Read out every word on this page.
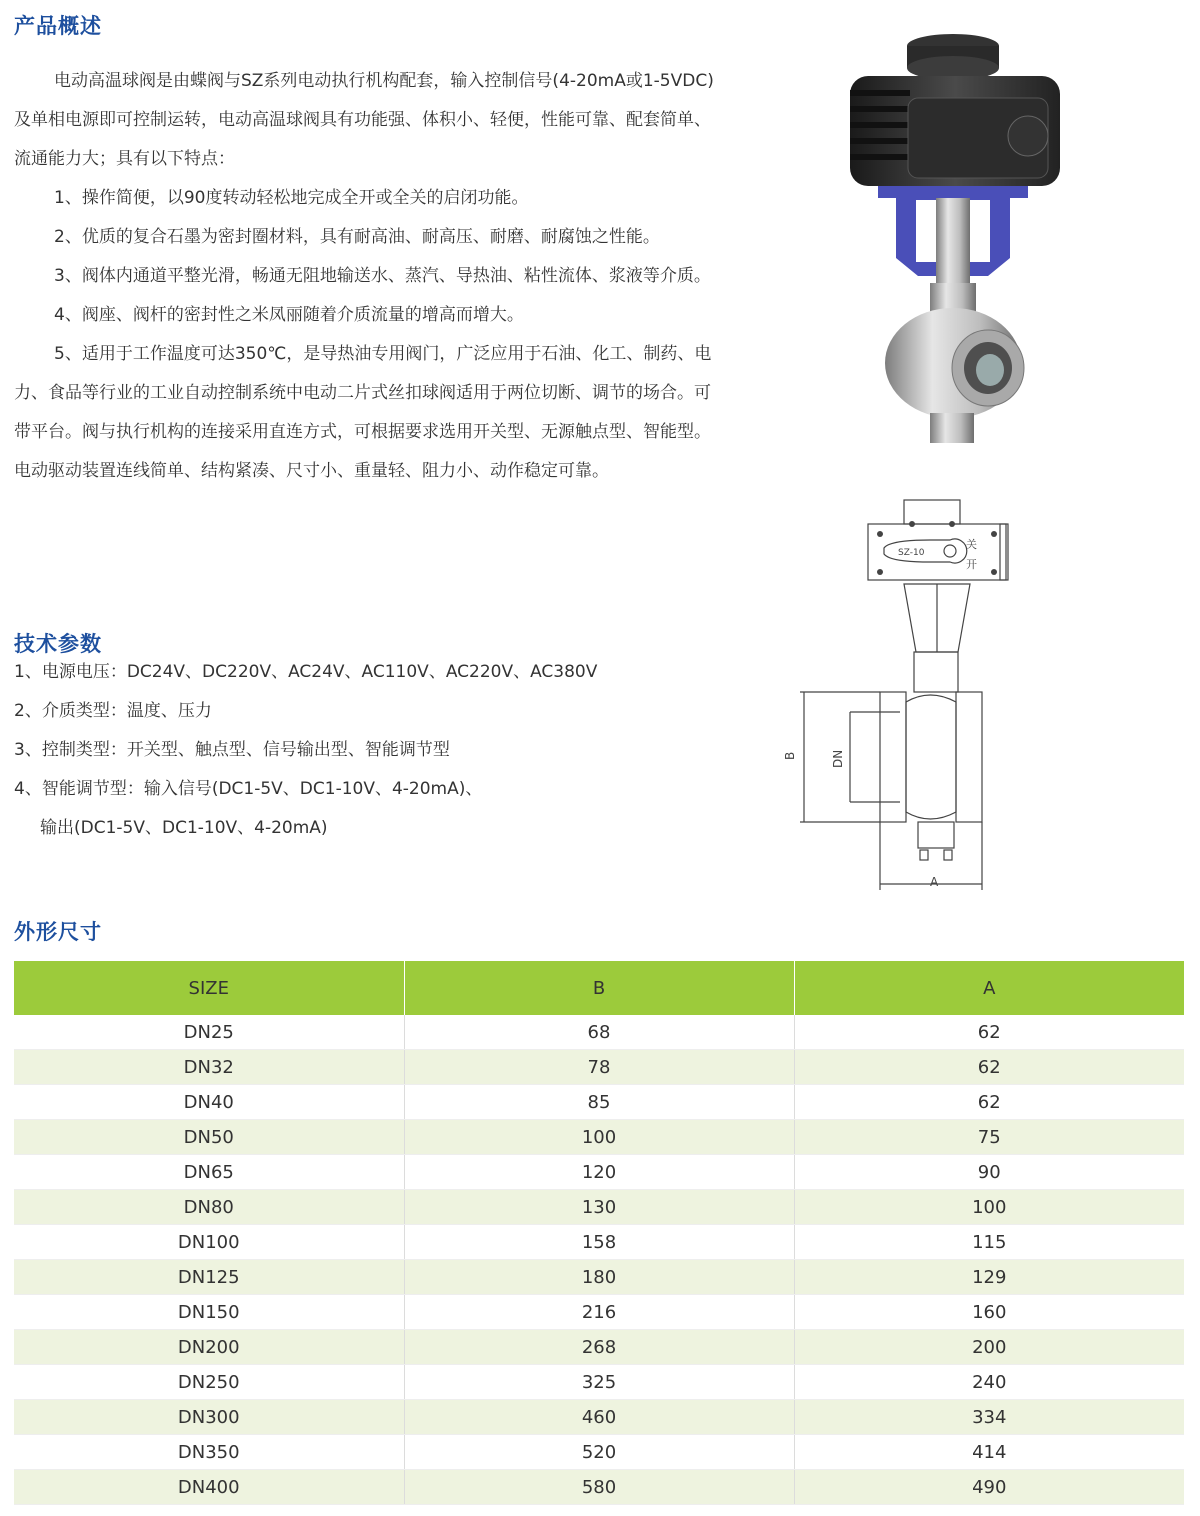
产品概述

电动高温球阀是由蝶阀与SZ系列电动执行机构配套，输入控制信号(4-20mA或1-5VDC)及单相电源即可控制运转，电动高温球阀具有功能强、体积小、轻便，性能可靠、配套简单、流通能力大；具有以下特点：

1、操作简便，以90度转动轻松地完成全开或全关的启闭功能。

2、优质的复合石墨为密封圈材料，具有耐高油、耐高压、耐磨、耐腐蚀之性能。

3、阀体内通道平整光滑，畅通无阻地输送水、蒸汽、导热油、粘性流体、浆液等介质。

4、阀座、阀杆的密封性之米凤丽随着介质流量的增高而增大。

5、适用于工作温度可达350℃，是导热油专用阀门，广泛应用于石油、化工、制药、电力、食品等行业的工业自动控制系统中电动二片式丝扣球阀适用于两位切断、调节的场合。可带平台。阀与执行机构的连接采用直连方式，可根据要求选用开关型、无源触点型、智能型。电动驱动装置连线简单、结构紧凑、尺寸小、重量轻、阻力小、动作稳定可靠。

技术参数

1、电源电压：DC24V、DC220V、AC24V、AC110V、AC220V、AC380V

2、介质类型：温度、压力

3、控制类型：开关型、触点型、信号输出型、智能调节型

4、智能调节型：输入信号(DC1-5V、DC1-10V、4-20mA)、

输出(DC1-5V、DC1-10V、4-20mA)

SZ-10
关
开
B	DN
A
外形尺寸
SIZE	B	A
DN25	68	62
DN32	78	62
DN40	85	62
DN50	100	75
DN65	120	90
DN80	130	100
DN100	158	115
DN125	180	129
DN150	216	160
DN200	268	200
DN250	325	240
DN300	460	334
DN350	520	414
DN400	580	490
